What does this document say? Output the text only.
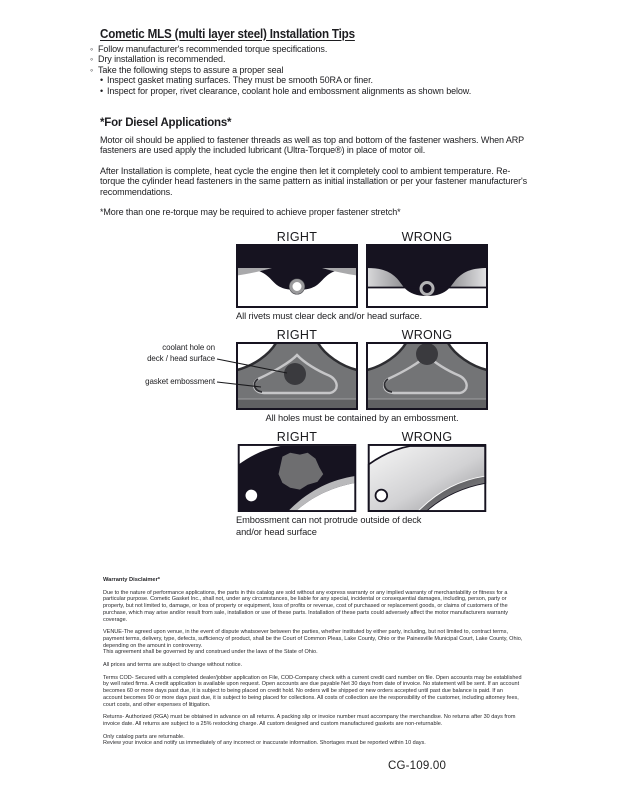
Cometic MLS (multi layer steel) Installation Tips
◦ Follow manufacturer's recommended torque specifications.
◦ Dry installation is recommended.
◦ Take the following steps to assure a proper seal
• Inspect gasket mating surfaces. They must be smooth 50RA or finer.
• Inspect for proper, rivet clearance, coolant hole and embossment alignments as shown below.
*For Diesel Applications*

Motor oil should be applied to fastener threads as well as top and bottom of the fastener washers. When ARP fasteners are used apply the included lubricant (Ultra-Torque®) in place of motor oil.

After Installation is complete, heat cycle the engine then let it completely cool to ambient temperature. Re-torque the cylinder head fasteners in the same pattern as initial installation or per your fastener manufacturer's recommendations.

*More than one re-torque may be required to achieve proper fastener stretch*

RIGHT	WRONG
All rivets must clear deck and/or head surface.
RIGHT	WRONG
All holes must be contained by an embossment.
coolant hole on
deck / head surface
gasket embossment
RIGHT	WRONG
Embossment can not protrude outside of deck
and/or head surface

Warranty Disclaimer*

Due to the nature of performance applications, the parts in this catalog are sold without any express warranty or any implied warranty of merchantability or fitness for a particular purpose. Cometic Gasket Inc., shall not, under any circumstances, be liable for any special, incidental or consequential damages, including, person, party or property, but not limited to, damage, or loss of property or equipment, loss of profits or revenue, cost of purchased or replacement goods, or claims of customers of the purchase, which may arise and/or result from sale, installation or use of these parts. Installation of these parts could adversely affect the motor manufacturers warranty coverage.

VENUE-The agreed upon venue, in the event of dispute whatsoever between the parties, whether instituted by either party, including, but not limited to, contract terms, payment terms, delivery, type, defects, sufficiency of product, shall be the Court of Common Pleas, Lake County, Ohio or the Painesville Municipal Court, Lake County, Ohio, depending on the amount in controversy.

This agreement shall be governed by and construed under the laws of the State of Ohio.

All prices and terms are subject to change without notice.

Terms COD- Secured with a completed dealer/jobber application on File, COD-Company check with a current credit card number on file. Open accounts may be established by well rated firms. A credit application is available upon request. Open accounts are due payable Net 30 days from date of invoice. No statement will be sent. If an account becomes 60 or more days past due, it is subject to being placed on credit hold. No orders will be shipped or new orders accepted until past due balance is paid. If an account becomes 90 or more days past due, it is subject to being placed for collections. All costs of collection are the responsibility of the customer, including attorney fees, court costs, and other expenses of litigation.

Returns- Authorized (RGA) must be obtained in advance on all returns. A packing slip or invoice number must accompany the merchandise. No returns after 30 days from invoice date. All returns are subject to a 25% restocking charge. All custom designed and custom manufactured gaskets are non-returnable.

Only catalog parts are returnable.

Review your invoice and notify us immediately of any incorrect or inaccurate information. Shortages must be reported within 10 days.

CG-109.00
